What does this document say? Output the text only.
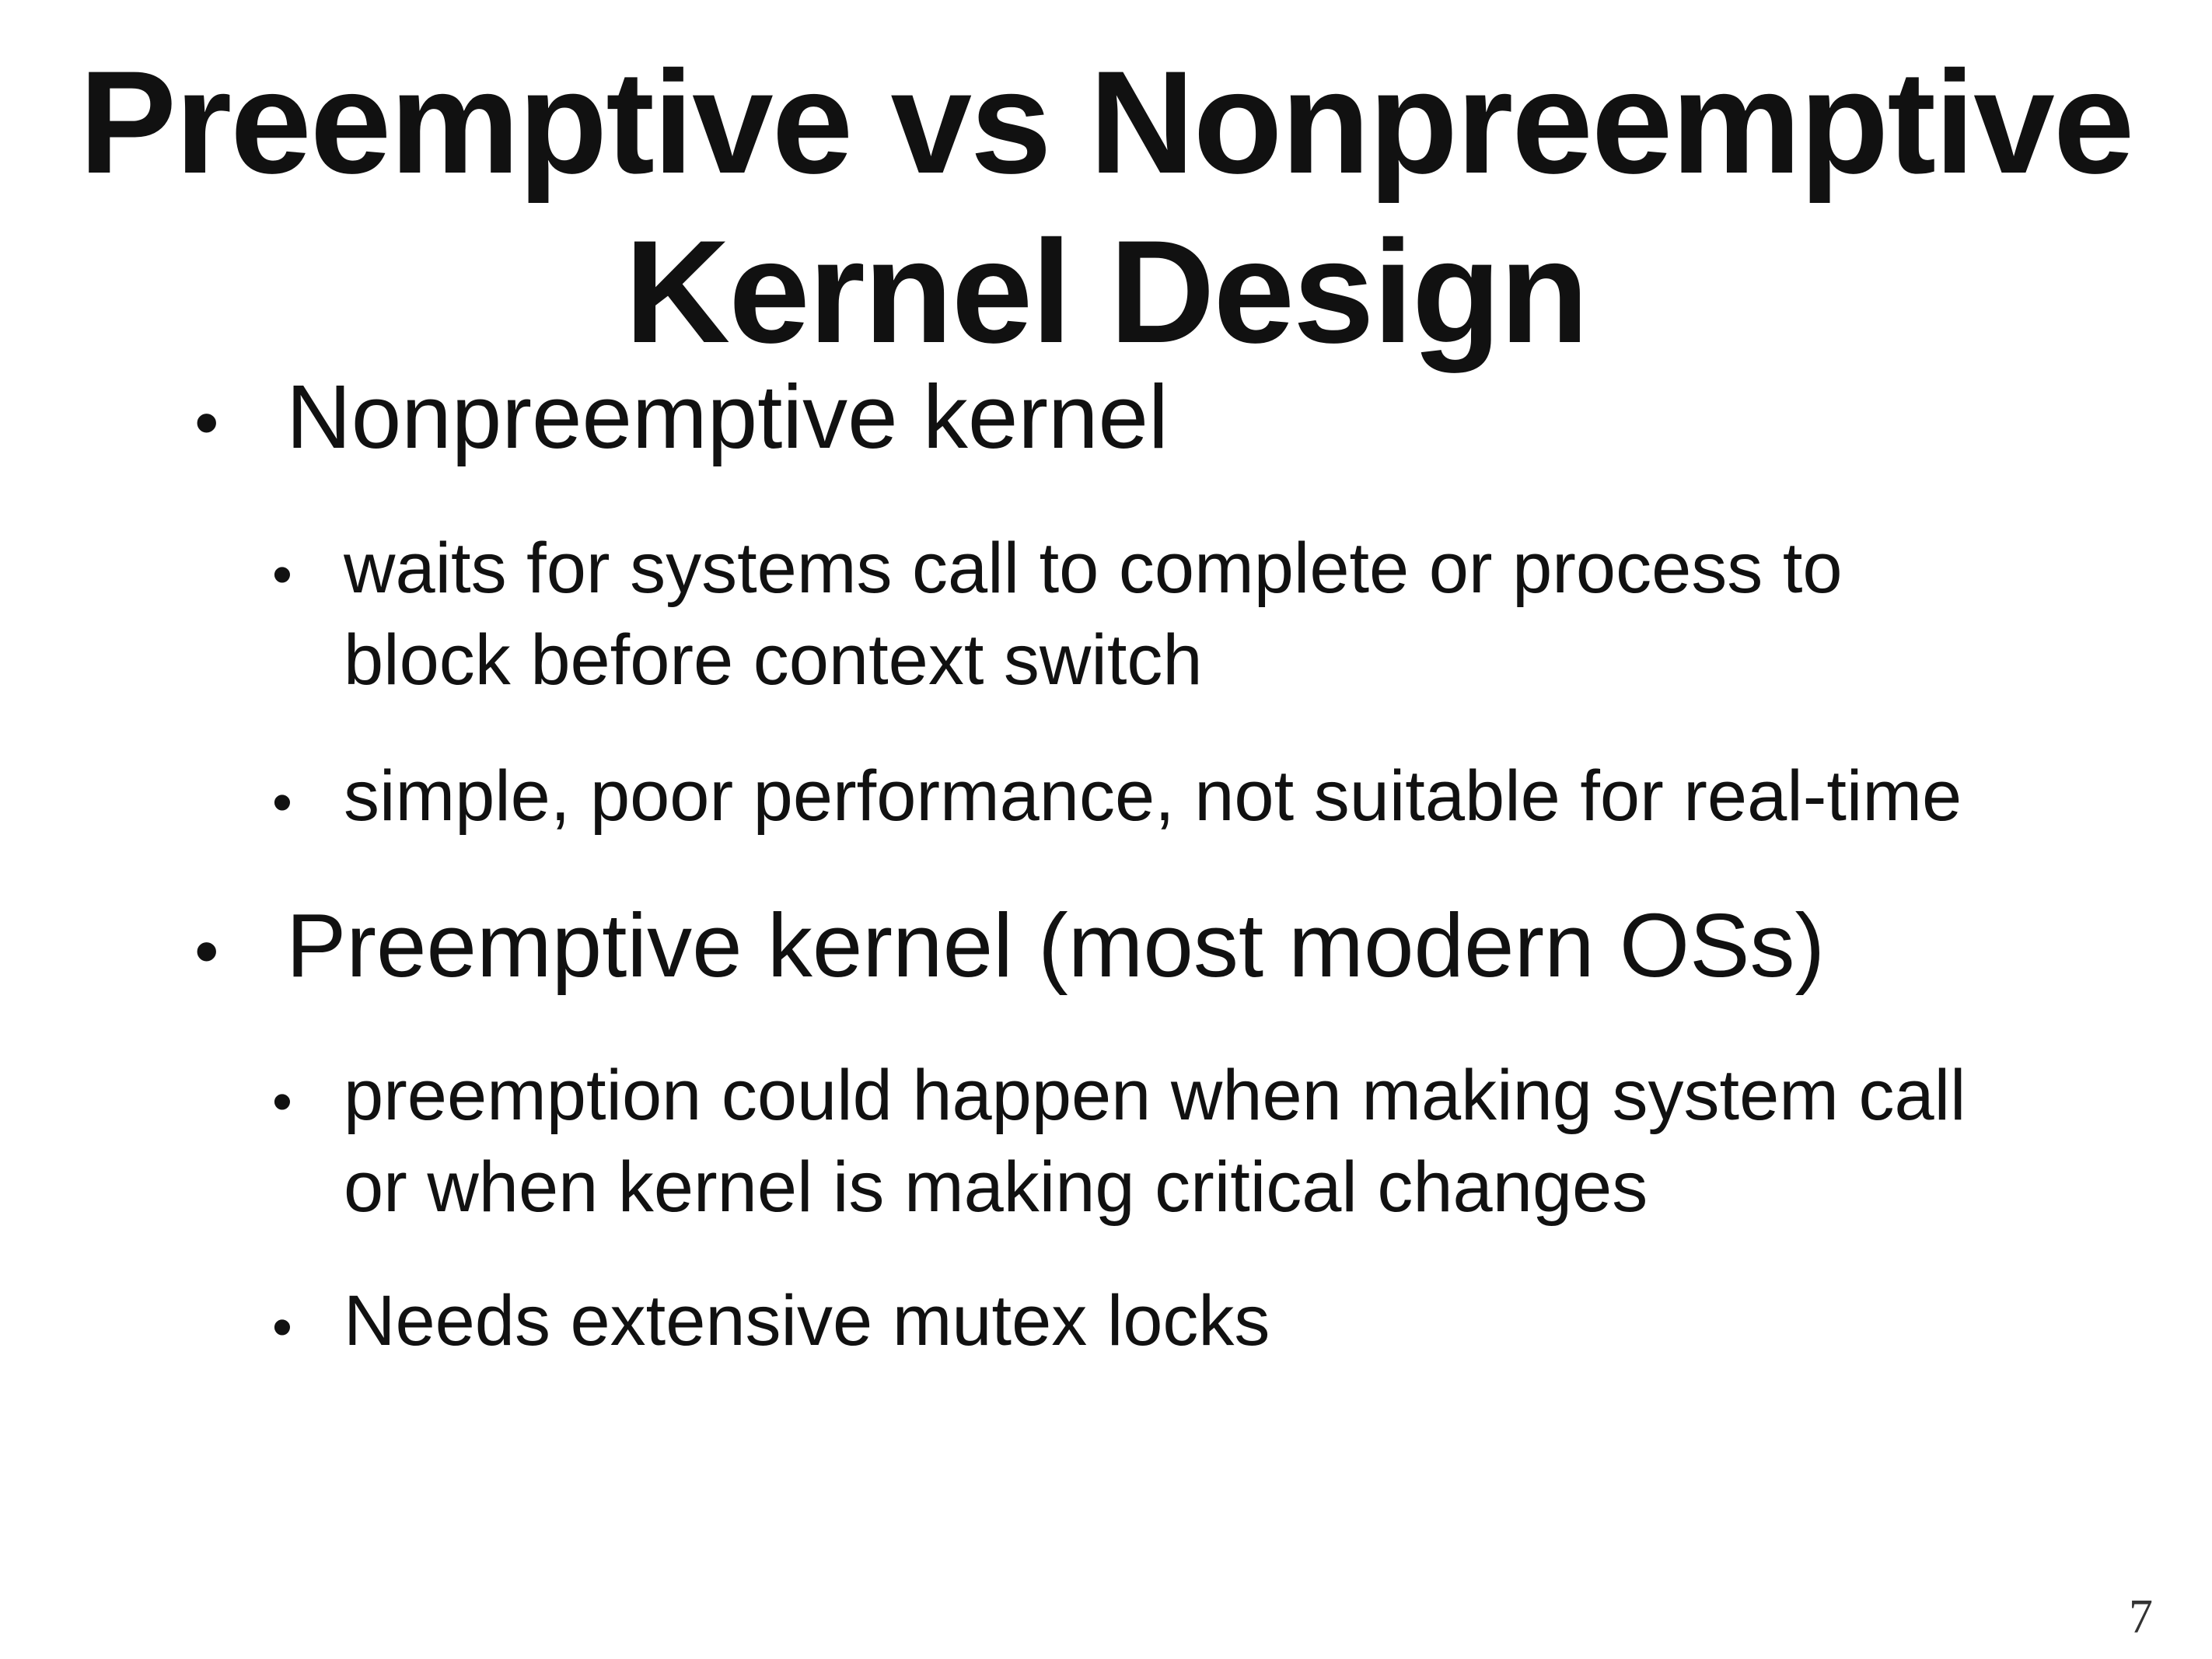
Preemptive vs Nonpreemptive
Kernel Design
• Nonpreemptive kernel
• waits for systems call to complete or process to
block before context switch
• simple, poor performance, not suitable for real-time
• Preemptive kernel (most modern OSs)
• preemption could happen when making system call
or when kernel is making critical changes
• Needs extensive mutex locks
7
